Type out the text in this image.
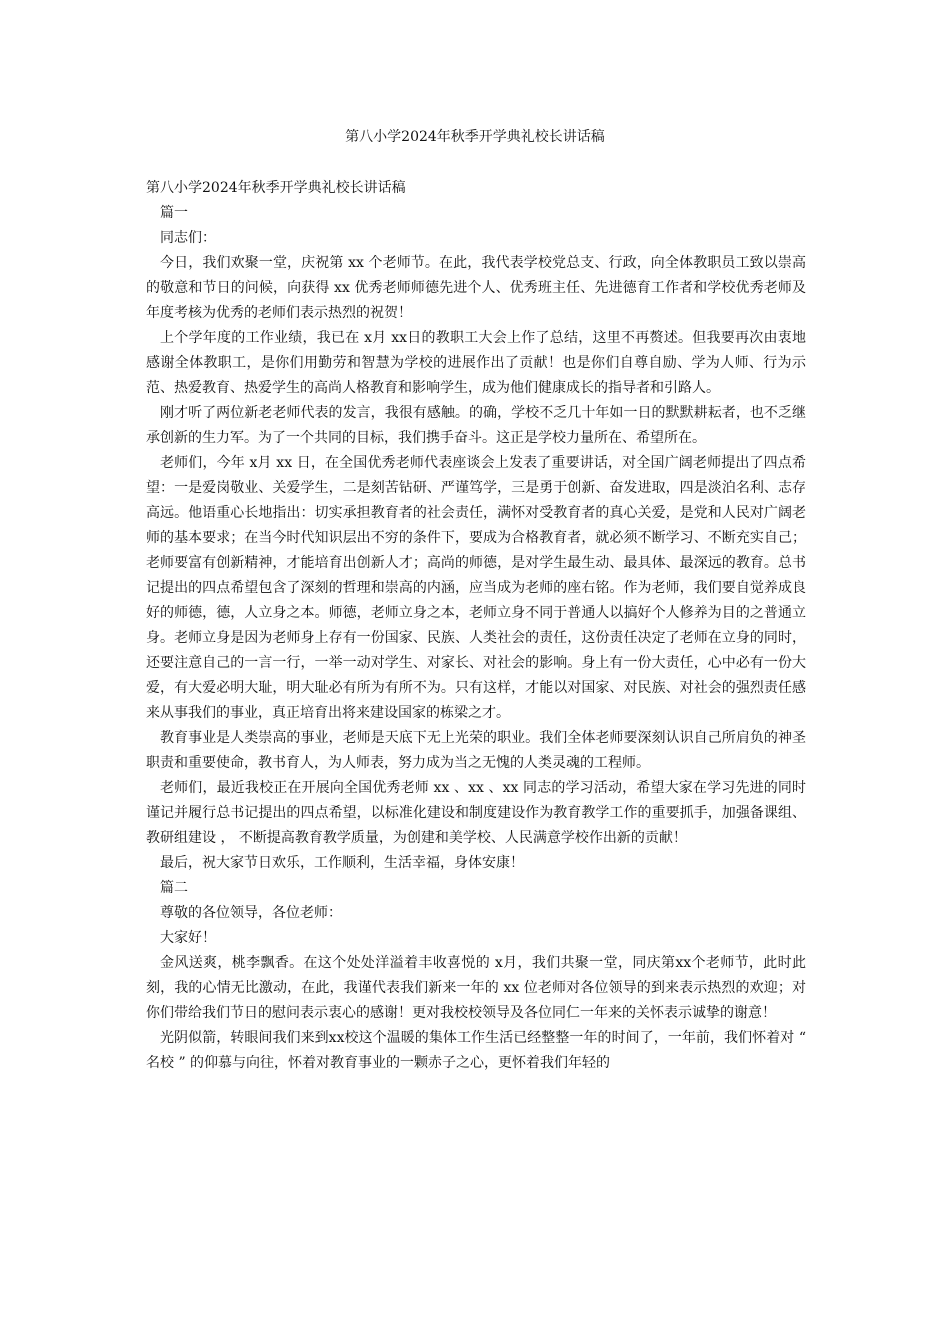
第八小学2024年秋季开学典礼校长讲话稿

第八小学2024年秋季开学典礼校长讲话稿

篇一

同志们：

今日，我们欢聚一堂，庆祝第 xx 个老师节。在此，我代表学校党总支、行政，向全体教职员工致以崇高的敬意和节日的问候，向获得 xx 优秀老师师德先进个人、优秀班主任、先进德育工作者和学校优秀老师及年度考核为优秀的老师们表示热烈的祝贺！

上个学年度的工作业绩，我已在 x月 xx日的教职工大会上作了总结，这里不再赘述。但我要再次由衷地感谢全体教职工，是你们用勤劳和智慧为学校的进展作出了贡献！也是你们自尊自励、学为人师、行为示范、热爱教育、热爱学生的高尚人格教育和影响学生，成为他们健康成长的指导者和引路人。

刚才听了两位新老老师代表的发言，我很有感触。的确，学校不乏几十年如一日的默默耕耘者，也不乏继承创新的生力军。为了一个共同的目标，我们携手奋斗。这正是学校力量所在、希望所在。

老师们，今年 x月 xx 日，在全国优秀老师代表座谈会上发表了重要讲话，对全国广阔老师提出了四点希望：一是爱岗敬业、关爱学生，二是刻苦钻研、严谨笃学，三是勇于创新、奋发进取，四是淡泊名利、志存高远。他语重心长地指出：切实承担教育者的社会责任，满怀对受教育者的真心关爱，是党和人民对广阔老师的基本要求；在当今时代知识层出不穷的条件下，要成为合格教育者，就必须不断学习、不断充实自己；老师要富有创新精神，才能培育出创新人才；高尚的师德，是对学生最生动、最具体、最深远的教育。总书记提出的四点希望包含了深刻的哲理和崇高的内涵，应当成为老师的座右铭。作为老师，我们要自觉养成良好的师德，德，人立身之本。师德，老师立身之本，老师立身不同于普通人以搞好个人修养为目的之普通立身。老师立身是因为老师身上存有一份国家、民族、人类社会的责任，这份责任决定了老师在立身的同时，还要注意自己的一言一行，一举一动对学生、对家长、对社会的影响。身上有一份大责任，心中必有一份大爱，有大爱必明大耻，明大耻必有所为有所不为。只有这样，才能以对国家、对民族、对社会的强烈责任感来从事我们的事业，真正培育出将来建设国家的栋梁之才。

教育事业是人类崇高的事业，老师是天底下无上光荣的职业。我们全体老师要深刻认识自己所肩负的神圣职责和重要使命，教书育人，为人师表，努力成为当之无愧的人类灵魂的工程师。

老师们，最近我校正在开展向全国优秀老师 xx 、xx 、xx 同志的学习活动，希望大家在学习先进的同时谨记并履行总书记提出的四点希望，以标准化建设和制度建设作为教育教学工作的重要抓手，加强备课组、教研组建设 ， 不断提高教育教学质量，为创建和美学校、人民满意学校作出新的贡献！

最后，祝大家节日欢乐，工作顺利，生活幸福，身体安康！

篇二

尊敬的各位领导，各位老师：

大家好！

金风送爽，桃李飘香。在这个处处洋溢着丰收喜悦的 x月，我们共聚一堂，同庆第xx个老师节，此时此刻，我的心情无比激动，在此，我谨代表我们新来一年的 xx 位老师对各位领导的到来表示热烈的欢迎；对你们带给我们节日的慰问表示衷心的感谢！更对我校校领导及各位同仁一年来的关怀表示诚挚的谢意！

光阴似箭，转眼间我们来到xx校这个温暖的集体工作生活已经整整一年的时间了，一年前，我们怀着对 “ 名校 ” 的仰慕与向往，怀着对教育事业的一颗赤子之心，更怀着我们年轻的
